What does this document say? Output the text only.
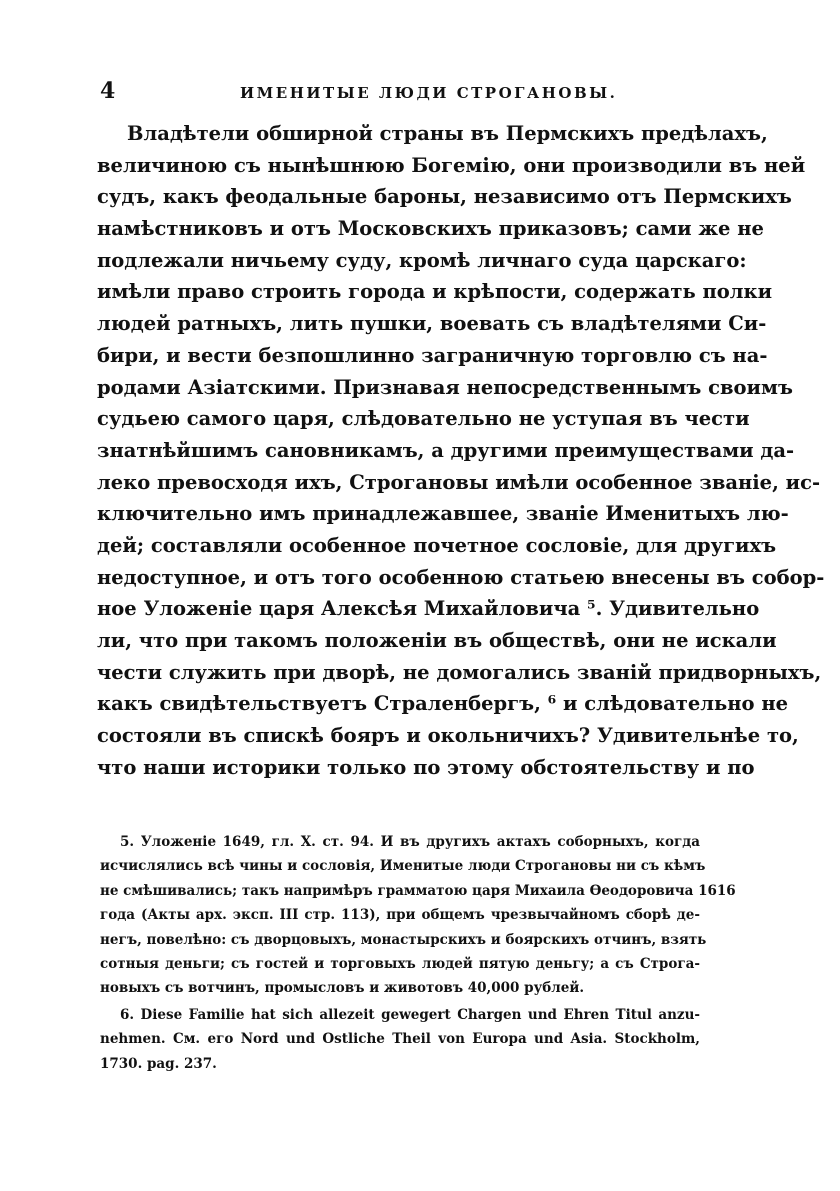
4	ИМЕНИТЫЕ ЛЮДИ СТРОГАНОВЫ.
Владѣтели обширной страны въ Пермскихъ предѣлахъ,
величиною съ нынѣшнюю Богемію, они производили въ ней
судъ, какъ феодальные бароны, независимо отъ Пермскихъ
намѣстниковъ и отъ Московскихъ приказовъ; сами же не
подлежали ничьему суду, кромѣ личнаго суда царскаго:
имѣли право строить города и крѣпости, содержать полки
людей ратныхъ, лить пушки, воевать съ владѣтелями Си-
бири, и вести безпошлинно заграничную торговлю съ на-
родами Азіатскими. Признавая непосредственнымъ своимъ
судьею самого царя, слѣдовательно не уступая въ чести
знатнѣйшимъ сановникамъ, а другими преимуществами да-
леко превосходя ихъ, Строгановы имѣли особенное званіе, ис-
ключительно имъ принадлежавшее, званіе Именитыхъ лю-
дей; составляли особенное почетное сословіе, для другихъ
недоступное, и отъ того особенною статьею внесены въ собор-
ное Уложеніе царя Алексѣя Михайловича ⁵. Удивительно
ли, что при такомъ положеніи въ обществѣ, они не искали
чести служить при дворѣ, не домогались званій придворныхъ,
какъ свидѣтельствуетъ Страленбергъ, ⁶ и слѣдовательно не
состояли въ спискѣ бояръ и окольничихъ? Удивительнѣе то,
что наши историки только по этому обстоятельству и по
5. Уложеніе 1649, гл. X. ст. 94. И въ другихъ актахъ соборныхъ, когда
исчислялись всѣ чины и сословія, Именитые люди Строгановы ни съ кѣмъ
не смѣшивались; такъ напримѣръ грамматою царя Михаила Ѳеодоровича 1616
года (Акты арх. эксп. III стр. 113), при общемъ чрезвычайномъ сборѣ де-
негъ, повелѣно: съ дворцовыхъ, монастырскихъ и боярскихъ отчинъ, взять
сотныя деньги; съ гостей и торговыхъ людей пятую деньгу; а съ Строга-
новыхъ съ вотчинъ, промысловъ и животовъ 40,000 рублей.
6. Diese Familie hat sich allezeit gewegert Chargen und Ehren Titul anzu-
nehmen. См. его Nord und Ostliche Theil von Europa und Asia. Stockholm,
1730. pag. 237.
